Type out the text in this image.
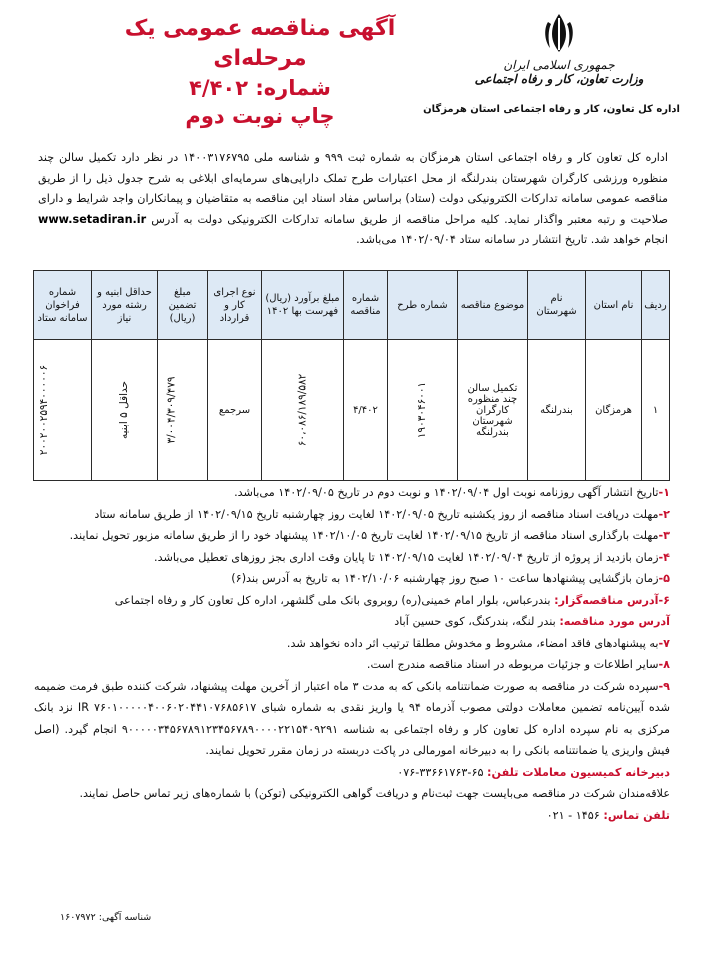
جمهوری اسلامی ایران
وزارت تعاون، کار و رفاه اجتماعی
اداره کل تعاون، کار و رفاه اجتماعی استان هرمزگان
آگهی مناقصه عمومی یک مرحله‌ای
شماره: ۴/۴۰۲
چاپ نوبت دوم
اداره کل تعاون کار و رفاه اجتماعی استان هرمزگان به شماره ثبت ۹۹۹ و شناسه ملی ۱۴۰۰۳۱۷۶۷۹۵ در نظر دارد تکمیل سالن چند منظوره ورزشی کارگران شهرستان بندرلنگه از محل اعتبارات طرح تملک دارایی‌های سرمایه‌ای ابلاغی به شرح جدول ذیل را از طریق مناقصه عمومی سامانه تدارکات الکترونیکی دولت (ستاد) براساس مفاد اسناد این مناقصه به متقاضیان و پیمانکاران واجد شرایط و دارای صلاحیت و رتبه معتبر واگذار نماید. کلیه مراحل مناقصه از طریق سامانه تدارکات الکترونیکی دولت به آدرس www.setadiran.ir انجام خواهد شد. تاریخ انتشار در سامانه ستاد ۱۴۰۲/۰۹/۰۴ می‌باشد.
ردیف	نام استان	نام شهرستان	موضوع مناقصه	شماره طرح	شماره مناقصه	مبلغ برآورد (ریال) فهرست بها ۱۴۰۲	نوع اجرای کار و قرارداد	مبلغ تضمین (ریال)	حداقل ابنیه و رشته مورد نیاز	شماره فراخوان سامانه ستاد
۱	هرمزگان	بندرلنگه	تکمیل سالن چند منظوره کارگران شهرستان بندرلنگه	۱۹۰۳۰۴۶۰۰۱	۴/۴۰۲	۶۰،۰۸۶/۱۸۹/۵۸۲	سرجمع	۳/۰۰۴/۳۰۹/۴۷۹	حداقل ۵ ابنیه	۲۰۰۲۰۰۲۵۹۴۰۰۰۰۰۶

۱-تاریخ انتشار آگهی روزنامه نوبت اول ۱۴۰۲/۰۹/۰۴ و نوبت دوم در تاریخ ۱۴۰۲/۰۹/۰۵ می‌باشد.

۲-مهلت دریافت اسناد مناقصه از روز یکشنبه تاریخ ۱۴۰۲/۰۹/۰۵ لغایت روز چهارشنبه تاریخ ۱۴۰۲/۰۹/۱۵ از طریق سامانه ستاد

۳-مهلت بارگذاری اسناد مناقصه از تاریخ ۱۴۰۲/۰۹/۱۵ لغایت تاریخ ۱۴۰۲/۱۰/۰۵ پیشنهاد خود را از طریق سامانه مزبور تحویل نمایند.

۴-زمان بازدید از پروژه از تاریخ ۱۴۰۲/۰۹/۰۴ لغایت ۱۴۰۲/۰۹/۱۵ تا پایان وقت اداری بجز روزهای تعطیل می‌باشد.

۵-زمان بازگشایی پیشنهادها ساعت ۱۰ صبح روز چهارشنبه ۱۴۰۲/۱۰/۰۶ به تاریخ به آدرس بند(۶)

۶-آدرس مناقصه‌گزار: بندرعباس، بلوار امام خمینی(ره) روبروی بانک ملی گلشهر، اداره کل تعاون کار و رفاه اجتماعی

آدرس مورد مناقصه: بندر لنگه، بندرکنگ، کوی حسین آباد

۷-به پیشنهادهای فاقد امضاء، مشروط و مخدوش مطلقا ترتیب اثر داده نخواهد شد.

۸-سایر اطلاعات و جزئیات مربوطه در اسناد مناقصه مندرج است.

۹-سپرده شرکت در مناقصه به صورت ضمانتنامه بانکی که به مدت ۳ ماه اعتبار از آخرین مهلت پیشنهاد، شرکت کننده طبق فرمت ضمیمه شده آیین‌نامه تضمین معاملات دولتی مصوب آذرماه ۹۴ یا واریز نقدی به شماره شبای IR ۷۶۰۱۰۰۰۰۰۴۰۰۶۰۲۰۴۴۱۰۷۶۸۵۶۱۷ نزد بانک مرکزی به نام سپرده اداره کل تعاون کار و رفاه اجتماعی به شناسه ۹۰۰۰۰۰۳۴۵۶۷۸۹۱۲۳۴۵۶۷۸۹۰۰۰۰۲۲۱۵۴۰۹۲۹۱ انجام گیرد. (اصل فیش واریزی یا ضمانتنامه بانکی را به دبیرخانه امورمالی در پاکت دربسته در زمان مقرر تحویل نمایند.

دبیرخانه کمیسیون معاملات تلفن: ۶۵-۳۳۶۶۱۷۶۳-۰۷۶

علاقه‌مندان شرکت در مناقصه می‌بایست جهت ثبت‌نام و دریافت گواهی الکترونیکی (توکن) با شماره‌های زیر تماس حاصل نمایند.

تلفن تماس: ۱۴۵۶ - ۰۲۱

شناسه آگهی: ۱۶۰۷۹۷۲
